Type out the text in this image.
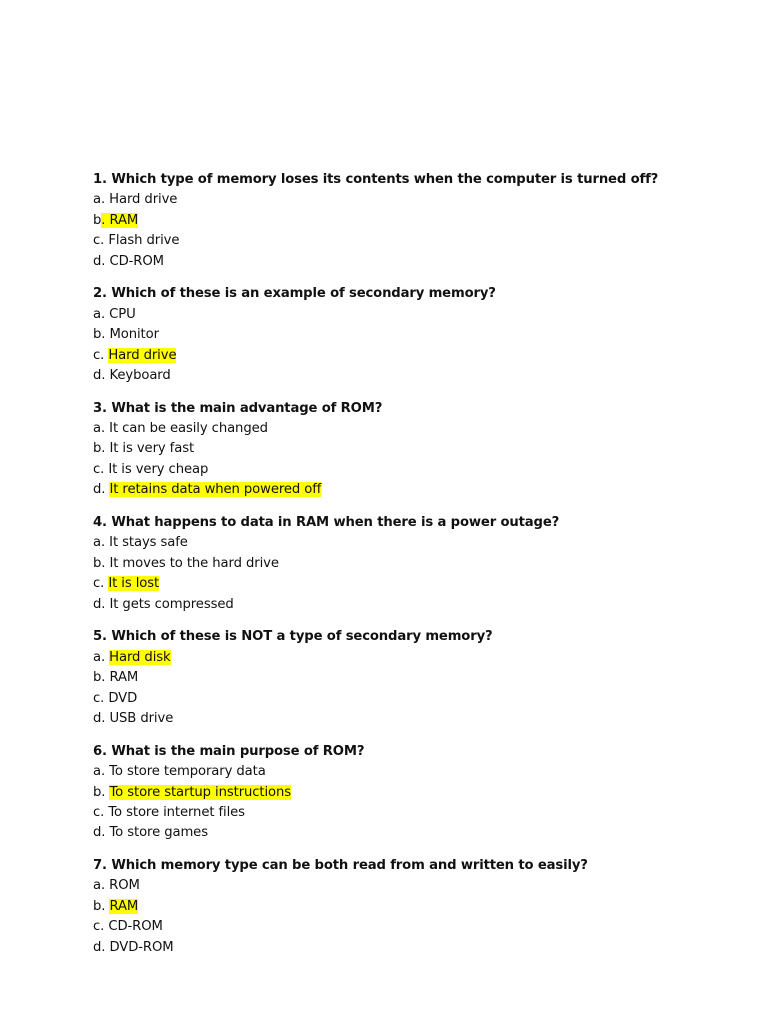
1. Which type of memory loses its contents when the computer is turned off?
a. Hard drive
b. RAM
c. Flash drive
d. CD-ROM
2. Which of these is an example of secondary memory?
a. CPU
b. Monitor
c. Hard drive
d. Keyboard
3. What is the main advantage of ROM?
a. It can be easily changed
b. It is very fast
c. It is very cheap
d. It retains data when powered off
4. What happens to data in RAM when there is a power outage?
a. It stays safe
b. It moves to the hard drive
c. It is lost
d. It gets compressed
5. Which of these is NOT a type of secondary memory?
a. Hard disk
b. RAM
c. DVD
d. USB drive
6. What is the main purpose of ROM?
a. To store temporary data
b. To store startup instructions
c. To store internet files
d. To store games
7. Which memory type can be both read from and written to easily?
a. ROM
b. RAM
c. CD-ROM
d. DVD-ROM
